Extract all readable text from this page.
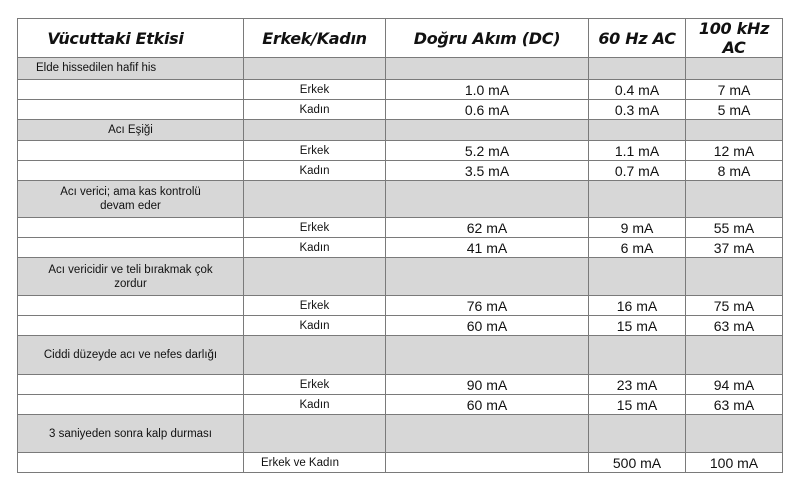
Vücuttaki Etkisi	Erkek/Kadın	Doğru Akım (DC)	60 Hz AC	100 kHz AC
Elde hissedilen hafif his				
	Erkek	1.0 mA	0.4 mA	7 mA
	Kadın	0.6 mA	0.3 mA	5 mA
Acı Eşiği				
	Erkek	5.2 mA	1.1 mA	12 mA
	Kadın	3.5 mA	0.7 mA	8 mA
Acı verici; ama kas kontrolü devam eder				
	Erkek	62 mA	9 mA	55 mA
	Kadın	41 mA	6 mA	37 mA
Acı vericidir ve teli bırakmak çok zordur				
	Erkek	76 mA	16 mA	75 mA
	Kadın	60 mA	15 mA	63 mA
Ciddi düzeyde acı ve nefes darlığı				
	Erkek	90 mA	23 mA	94 mA
	Kadın	60 mA	15 mA	63 mA
3 saniyeden sonra kalp durması				
	Erkek ve Kadın		500 mA	100 mA
